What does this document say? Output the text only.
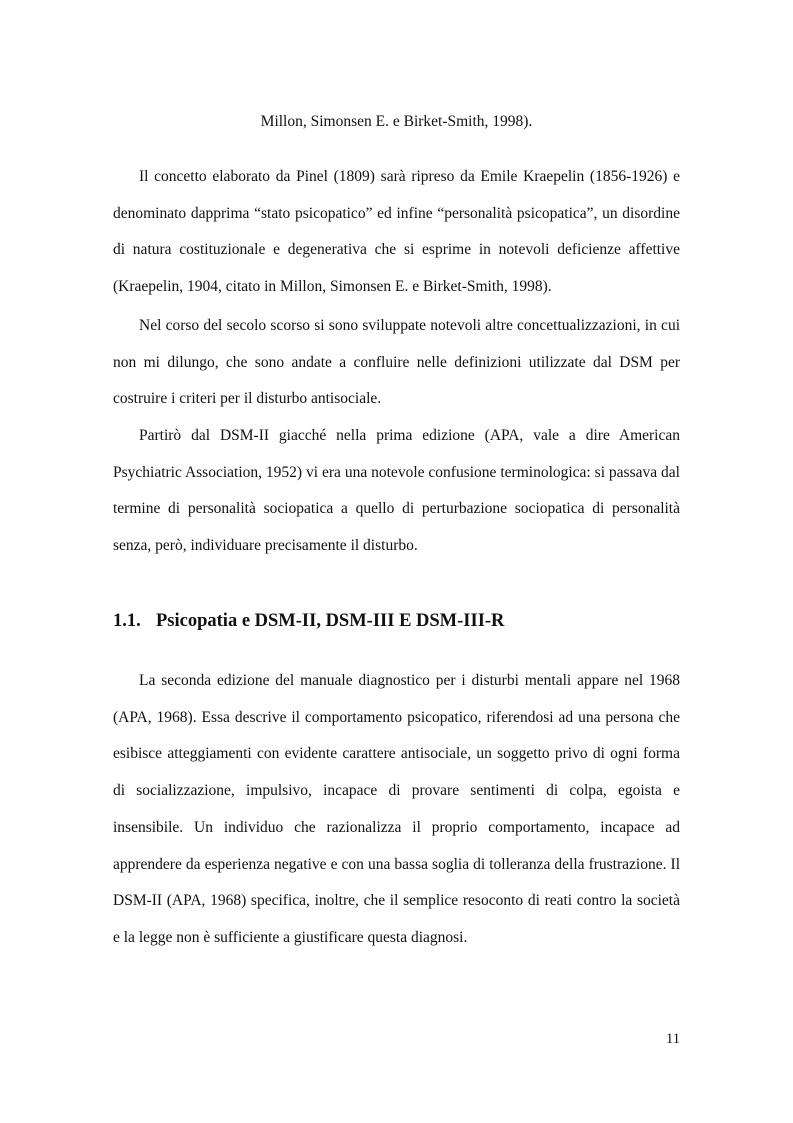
Millon, Simonsen E. e Birket-Smith, 1998).

Il concetto elaborato da Pinel (1809) sarà ripreso da Emile Kraepelin (1856-1926) e denominato dapprima “stato psicopatico” ed infine “personalità psicopatica”, un disordine di natura costituzionale e degenerativa che si esprime in notevoli deficienze affettive (Kraepelin, 1904, citato in Millon, Simonsen E. e Birket-Smith, 1998).

Nel corso del secolo scorso si sono sviluppate notevoli altre concettualizzazioni, in cui non mi dilungo, che sono andate a confluire nelle definizioni utilizzate dal DSM per costruire i criteri per il disturbo antisociale.

Partirò dal DSM-II giacché nella prima edizione (APA, vale a dire American Psychiatric Association, 1952) vi era una notevole confusione terminologica: si passava dal termine di personalità sociopatica a quello di perturbazione sociopatica di personalità senza, però, individuare precisamente il disturbo.

1.1. Psicopatia e DSM-II, DSM-III E DSM-III-R

La seconda edizione del manuale diagnostico per i disturbi mentali appare nel 1968 (APA, 1968). Essa descrive il comportamento psicopatico, riferendosi ad una persona che esibisce atteggiamenti con evidente carattere antisociale, un soggetto privo di ogni forma di socializzazione, impulsivo, incapace di provare sentimenti di colpa, egoista e insensibile. Un individuo che razionalizza il proprio comportamento, incapace ad apprendere da esperienza negative e con una bassa soglia di tolleranza della frustrazione. Il DSM-II (APA, 1968) specifica, inoltre, che il semplice resoconto di reati contro la società e la legge non è sufficiente a giustificare questa diagnosi.

11
